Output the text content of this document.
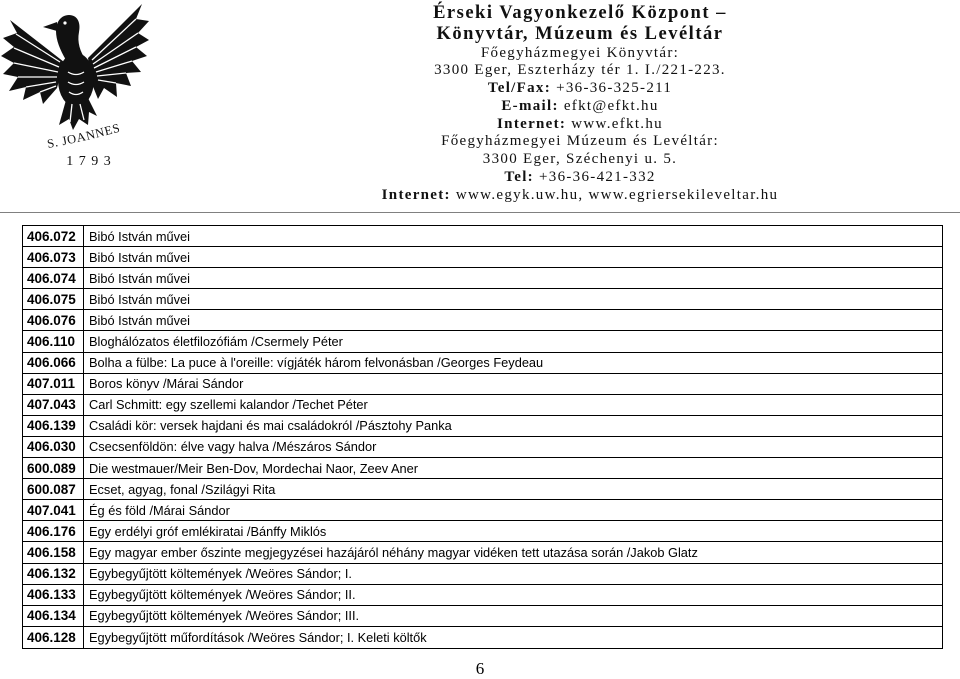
S. JOANNES
1 7 9 3
Érseki Vagyonkezelő Központ –
Könyvtár, Múzeum és Levéltár
Főegyházmegyei Könyvtár:
3300 Eger, Eszterházy tér 1. I./221-223.
Tel/Fax: +36-36-325-211
E-mail: efkt@efkt.hu
Internet: www.efkt.hu
Főegyházmegyei Múzeum és Levéltár:
3300 Eger, Széchenyi u. 5.
Tel: +36-36-421-332
Internet: www.egyk.uw.hu, www.egriersekileveltar.hu
406.072	Bibó István művei
406.073	Bibó István művei
406.074	Bibó István művei
406.075	Bibó István művei
406.076	Bibó István művei
406.110	Bloghálózatos életfilozófiám /Csermely Péter
406.066	Bolha a fülbe: La puce à l'oreille: vígjáték három felvonásban /Georges Feydeau
407.011	Boros könyv /Márai Sándor
407.043	Carl Schmitt: egy szellemi kalandor /Techet Péter
406.139	Családi kör: versek hajdani és mai családokról /Pásztohy Panka
406.030	Csecsenföldön: élve vagy halva /Mészáros Sándor
600.089	Die westmauer/Meir Ben-Dov, Mordechai Naor, Zeev Aner
600.087	Ecset, agyag, fonal /Szilágyi Rita
407.041	Ég és föld /Márai Sándor
406.176	Egy erdélyi gróf emlékiratai /Bánffy Miklós
406.158	Egy magyar ember őszinte megjegyzései hazájáról néhány magyar vidéken tett utazása során /Jakob Glatz
406.132	Egybegyűjtött költemények /Weöres Sándor; I.
406.133	Egybegyűjtött költemények /Weöres Sándor; II.
406.134	Egybegyűjtött költemények /Weöres Sándor; III.
406.128	Egybegyűjtött műfordítások /Weöres Sándor; I. Keleti költők
6
